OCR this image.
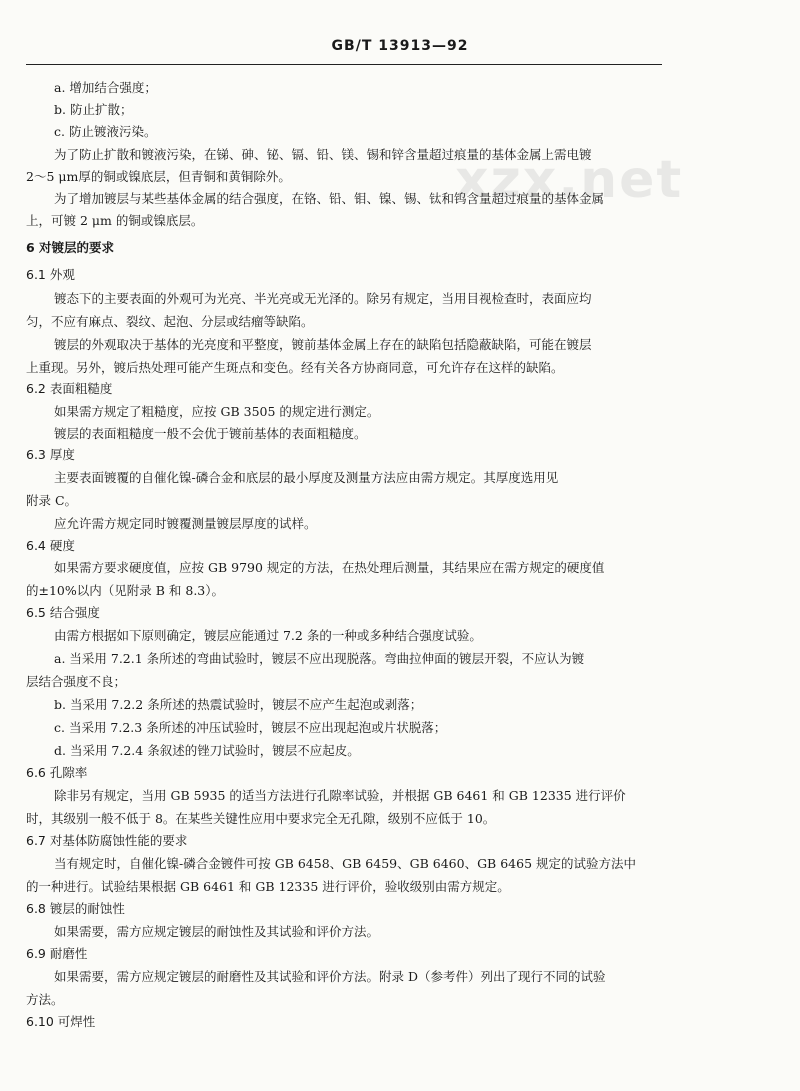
GB/T 13913—92
xzx.net
a. 增加结合强度；
b. 防止扩散；
c. 防止镀液污染。
为了防止扩散和镀液污染，在锑、砷、铋、镉、铅、镁、锡和锌含量超过痕量的基体金属上需电镀
2～5 μm厚的铜或镍底层，但青铜和黄铜除外。
为了增加镀层与某些基体金属的结合强度，在铬、铅、钼、镍、锡、钛和钨含量超过痕量的基体金属
上，可镀 2 μm 的铜或镍底层。
6 对镀层的要求
6.1 外观
镀态下的主要表面的外观可为光亮、半光亮或无光泽的。除另有规定，当用目视检查时，表面应均
匀，不应有麻点、裂纹、起泡、分层或结瘤等缺陷。
镀层的外观取决于基体的光亮度和平整度，镀前基体金属上存在的缺陷包括隐蔽缺陷，可能在镀层
上重现。另外，镀后热处理可能产生斑点和变色。经有关各方协商同意，可允许存在这样的缺陷。
6.2 表面粗糙度
如果需方规定了粗糙度，应按 GB 3505 的规定进行测定。
镀层的表面粗糙度一般不会优于镀前基体的表面粗糙度。
6.3 厚度
主要表面镀覆的自催化镍-磷合金和底层的最小厚度及测量方法应由需方规定。其厚度选用见
附录 C。
应允许需方规定同时镀覆测量镀层厚度的试样。
6.4 硬度
如果需方要求硬度值，应按 GB 9790 规定的方法，在热处理后测量，其结果应在需方规定的硬度值
的±10%以内（见附录 B 和 8.3）。
6.5 结合强度
由需方根据如下原则确定，镀层应能通过 7.2 条的一种或多种结合强度试验。
a. 当采用 7.2.1 条所述的弯曲试验时，镀层不应出现脱落。弯曲拉伸面的镀层开裂，不应认为镀
层结合强度不良；
b. 当采用 7.2.2 条所述的热震试验时，镀层不应产生起泡或剥落；
c. 当采用 7.2.3 条所述的冲压试验时，镀层不应出现起泡或片状脱落；
d. 当采用 7.2.4 条叙述的锉刀试验时，镀层不应起皮。
6.6 孔隙率
除非另有规定，当用 GB 5935 的适当方法进行孔隙率试验，并根据 GB 6461 和 GB 12335 进行评价
时，其级别一般不低于 8。在某些关键性应用中要求完全无孔隙，级别不应低于 10。
6.7 对基体防腐蚀性能的要求
当有规定时，自催化镍-磷合金镀件可按 GB 6458、GB 6459、GB 6460、GB 6465 规定的试验方法中
的一种进行。试验结果根据 GB 6461 和 GB 12335 进行评价，验收级别由需方规定。
6.8 镀层的耐蚀性
如果需要，需方应规定镀层的耐蚀性及其试验和评价方法。
6.9 耐磨性
如果需要，需方应规定镀层的耐磨性及其试验和评价方法。附录 D（参考件）列出了现行不同的试验
方法。
6.10 可焊性
